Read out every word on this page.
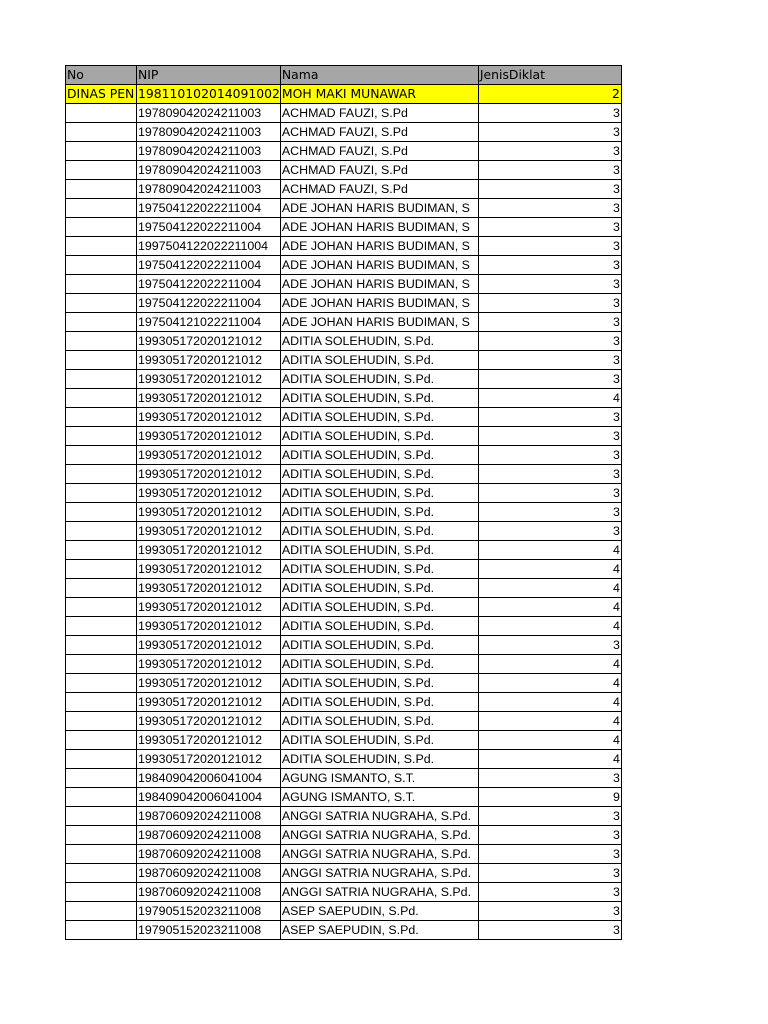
No	NIP	Nama	JenisDiklat
DINAS PEN	198110102014091002	MOH MAKI MUNAWAR	2
	197809042024211003	ACHMAD FAUZI, S.Pd	3
	197809042024211003	ACHMAD FAUZI, S.Pd	3
	197809042024211003	ACHMAD FAUZI, S.Pd	3
	197809042024211003	ACHMAD FAUZI, S.Pd	3
	197809042024211003	ACHMAD FAUZI, S.Pd	3
	197504122022211004	ADE JOHAN HARIS BUDIMAN, S	3
	197504122022211004	ADE JOHAN HARIS BUDIMAN, S	3
	1997504122022211004	ADE JOHAN HARIS BUDIMAN, S	3
	197504122022211004	ADE JOHAN HARIS BUDIMAN, S	3
	197504122022211004	ADE JOHAN HARIS BUDIMAN, S	3
	197504122022211004	ADE JOHAN HARIS BUDIMAN, S	3
	197504121022211004	ADE JOHAN HARIS BUDIMAN, S	3
	199305172020121012	ADITIA SOLEHUDIN, S.Pd.	3
	199305172020121012	ADITIA SOLEHUDIN, S.Pd.	3
	199305172020121012	ADITIA SOLEHUDIN, S.Pd.	3
	199305172020121012	ADITIA SOLEHUDIN, S.Pd.	4
	199305172020121012	ADITIA SOLEHUDIN, S.Pd.	3
	199305172020121012	ADITIA SOLEHUDIN, S.Pd.	3
	199305172020121012	ADITIA SOLEHUDIN, S.Pd.	3
	199305172020121012	ADITIA SOLEHUDIN, S.Pd.	3
	199305172020121012	ADITIA SOLEHUDIN, S.Pd.	3
	199305172020121012	ADITIA SOLEHUDIN, S.Pd.	3
	199305172020121012	ADITIA SOLEHUDIN, S.Pd.	3
	199305172020121012	ADITIA SOLEHUDIN, S.Pd.	4
	199305172020121012	ADITIA SOLEHUDIN, S.Pd.	4
	199305172020121012	ADITIA SOLEHUDIN, S.Pd.	4
	199305172020121012	ADITIA SOLEHUDIN, S.Pd.	4
	199305172020121012	ADITIA SOLEHUDIN, S.Pd.	4
	199305172020121012	ADITIA SOLEHUDIN, S.Pd.	3
	199305172020121012	ADITIA SOLEHUDIN, S.Pd.	4
	199305172020121012	ADITIA SOLEHUDIN, S.Pd.	4
	199305172020121012	ADITIA SOLEHUDIN, S.Pd.	4
	199305172020121012	ADITIA SOLEHUDIN, S.Pd.	4
	199305172020121012	ADITIA SOLEHUDIN, S.Pd.	4
	199305172020121012	ADITIA SOLEHUDIN, S.Pd.	4
	198409042006041004	AGUNG ISMANTO, S.T.	3
	198409042006041004	AGUNG ISMANTO, S.T.	9
	198706092024211008	ANGGI SATRIA NUGRAHA, S.Pd.	3
	198706092024211008	ANGGI SATRIA NUGRAHA, S.Pd.	3
	198706092024211008	ANGGI SATRIA NUGRAHA, S.Pd.	3
	198706092024211008	ANGGI SATRIA NUGRAHA, S.Pd.	3
	198706092024211008	ANGGI SATRIA NUGRAHA, S.Pd.	3
	197905152023211008	ASEP SAEPUDIN, S.Pd.	3
	197905152023211008	ASEP SAEPUDIN, S.Pd.	3
